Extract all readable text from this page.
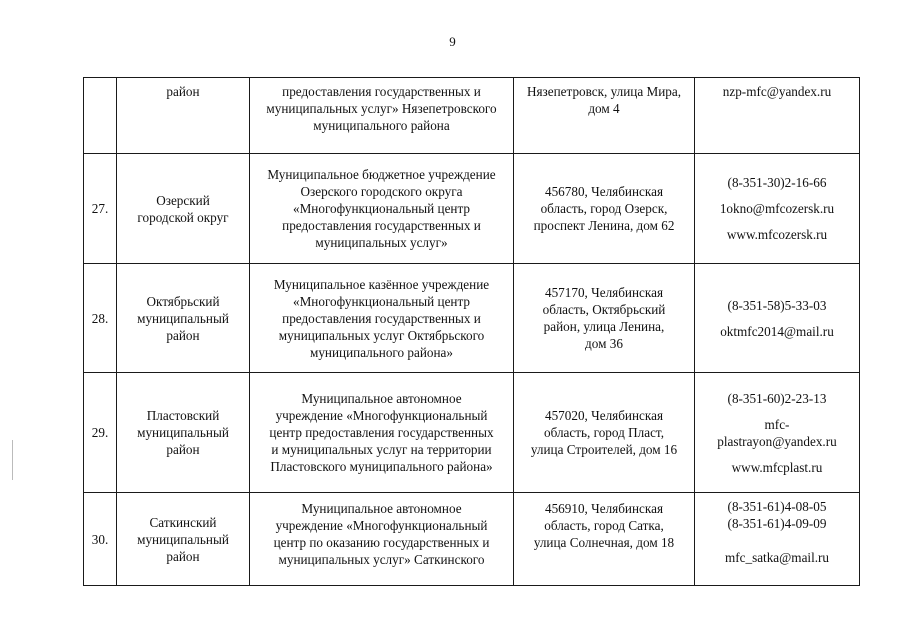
9

	район	предоставления государственных и
муниципальных услуг» Нязепетровского
муниципального района	Нязепетровск, улица Мира,
дом 4	nzp-mfc@yandex.ru

27.	Озерский
городской округ	Муниципальное бюджетное учреждение
Озерского городского округа
«Многофункциональный центр
предоставления государственных и
муниципальных услуг»	456780, Челябинская
область, город Озерск,
проспект Ленина, дом 62	(8-351-30)2-16-66
1okno@mfcozersk.ru
www.mfcozersk.ru

28.	Октябрьский
муниципальный
район	Муниципальное казённое учреждение
«Многофункциональный центр
предоставления государственных и
муниципальных услуг Октябрьского
муниципального района»	457170, Челябинская
область, Октябрьский
район, улица Ленина,
дом 36	(8-351-58)5-33-03
oktmfc2014@mail.ru

29.	Пластовский
муниципальный
район	Муниципальное автономное
учреждение «Многофункциональный
центр предоставления государственных
и муниципальных услуг на территории
Пластовского муниципального района»	457020, Челябинская
область, город Пласт,
улица Строителей, дом 16	(8-351-60)2-23-13
mfc-
plastrayon@yandex.ru
www.mfcplast.ru

30.	Саткинский
муниципальный
район	Муниципальное автономное
учреждение «Многофункциональный
центр по оказанию государственных и
муниципальных услуг» Саткинского	456910, Челябинская
область, город Сатка,
улица Солнечная, дом 18	(8-351-61)4-08-05
(8-351-61)4-09-09
mfc_satka@mail.ru
